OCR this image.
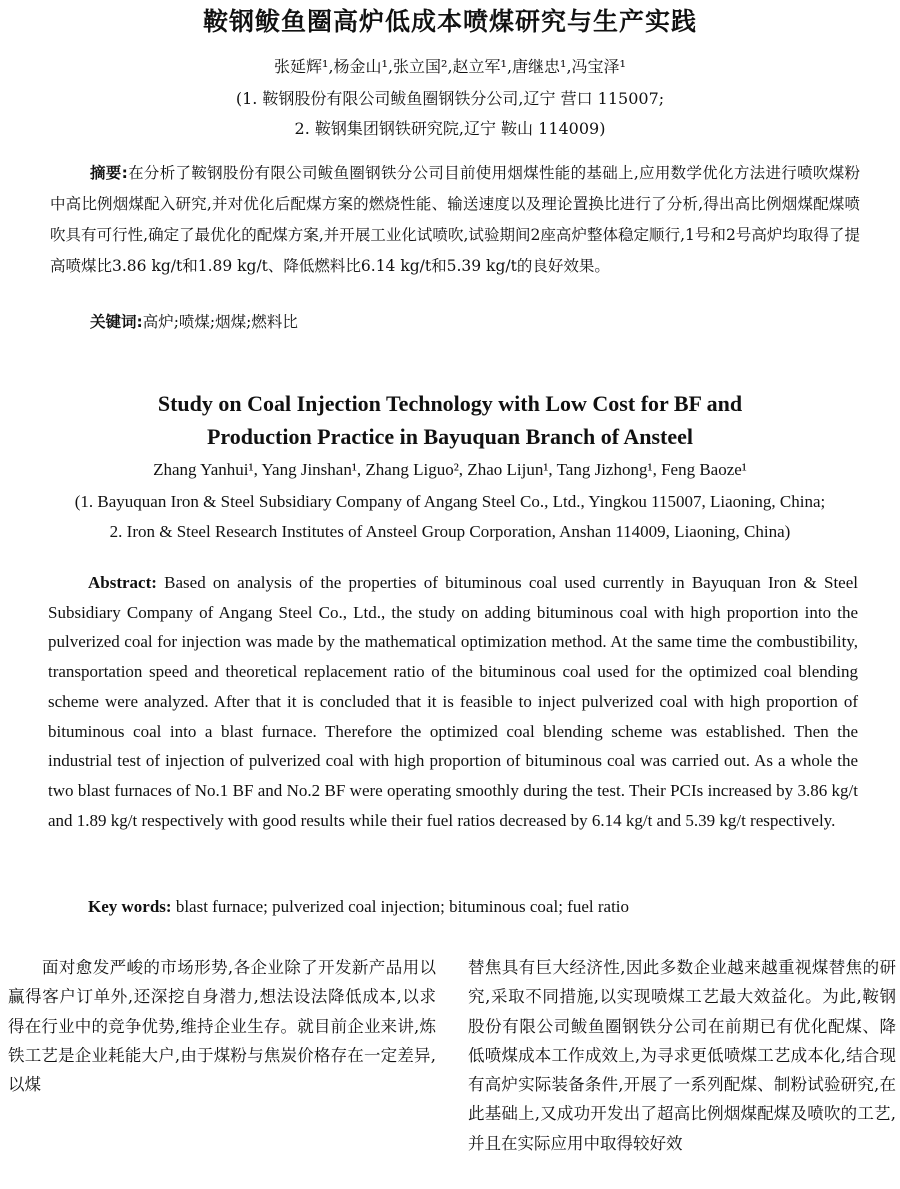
鞍钢鲅鱼圈高炉低成本喷煤研究与生产实践
张延辉¹,杨金山¹,张立国²,赵立军¹,唐继忠¹,冯宝泽¹
(1. 鞍钢股份有限公司鲅鱼圈钢铁分公司,辽宁 营口 115007;
2. 鞍钢集团钢铁研究院,辽宁 鞍山 114009)
摘要:在分析了鞍钢股份有限公司鲅鱼圈钢铁分公司目前使用烟煤性能的基础上,应用数学优化方法进行喷吹煤粉中高比例烟煤配入研究,并对优化后配煤方案的燃烧性能、输送速度以及理论置换比进行了分析,得出高比例烟煤配煤喷吹具有可行性,确定了最优化的配煤方案,并开展工业化试喷吹,试验期间2座高炉整体稳定顺行,1号和2号高炉均取得了提高喷煤比3.86 kg/t和1.89 kg/t、降低燃料比6.14 kg/t和5.39 kg/t的良好效果。
关键词:高炉;喷煤;烟煤;燃料比
Study on Coal Injection Technology with Low Cost for BF and
Production Practice in Bayuquan Branch of Ansteel
Zhang Yanhui¹, Yang Jinshan¹, Zhang Liguo², Zhao Lijun¹, Tang Jizhong¹, Feng Baoze¹
(1. Bayuquan Iron & Steel Subsidiary Company of Angang Steel Co., Ltd., Yingkou 115007, Liaoning, China;
2. Iron & Steel Research Institutes of Ansteel Group Corporation, Anshan 114009, Liaoning, China)
Abstract: Based on analysis of the properties of bituminous coal used currently in Bayuquan Iron & Steel Subsidiary Company of Angang Steel Co., Ltd., the study on adding bituminous coal with high proportion into the pulverized coal for injection was made by the mathematical optimization method. At the same time the combustibility, transportation speed and theoretical replacement ratio of the bituminous coal used for the optimized coal blending scheme were analyzed. After that it is concluded that it is feasible to inject pulverized coal with high proportion of bituminous coal into a blast furnace. Therefore the optimized coal blending scheme was established. Then the industrial test of injection of pulverized coal with high proportion of bituminous coal was carried out. As a whole the two blast furnaces of No.1 BF and No.2 BF were operating smoothly during the test. Their PCIs increased by 3.86 kg/t and 1.89 kg/t respectively with good results while their fuel ratios decreased by 6.14 kg/t and 5.39 kg/t respectively.
Key words: blast furnace; pulverized coal injection; bituminous coal; fuel ratio
面对愈发严峻的市场形势,各企业除了开发新产品用以赢得客户订单外,还深挖自身潜力,想法设法降低成本,以求得在行业中的竞争优势,维持企业生存。就目前企业来讲,炼铁工艺是企业耗能大户,由于煤粉与焦炭价格存在一定差异,以煤
替焦具有巨大经济性,因此多数企业越来越重视煤替焦的研究,采取不同措施,以实现喷煤工艺最大效益化。为此,鞍钢股份有限公司鲅鱼圈钢铁分公司在前期已有优化配煤、降低喷煤成本工作成效上,为寻求更低喷煤工艺成本化,结合现有高炉实际装备条件,开展了一系列配煤、制粉试验研究,在此基础上,又成功开发出了超高比例烟煤配煤及喷吹的工艺,并且在实际应用中取得较好效
